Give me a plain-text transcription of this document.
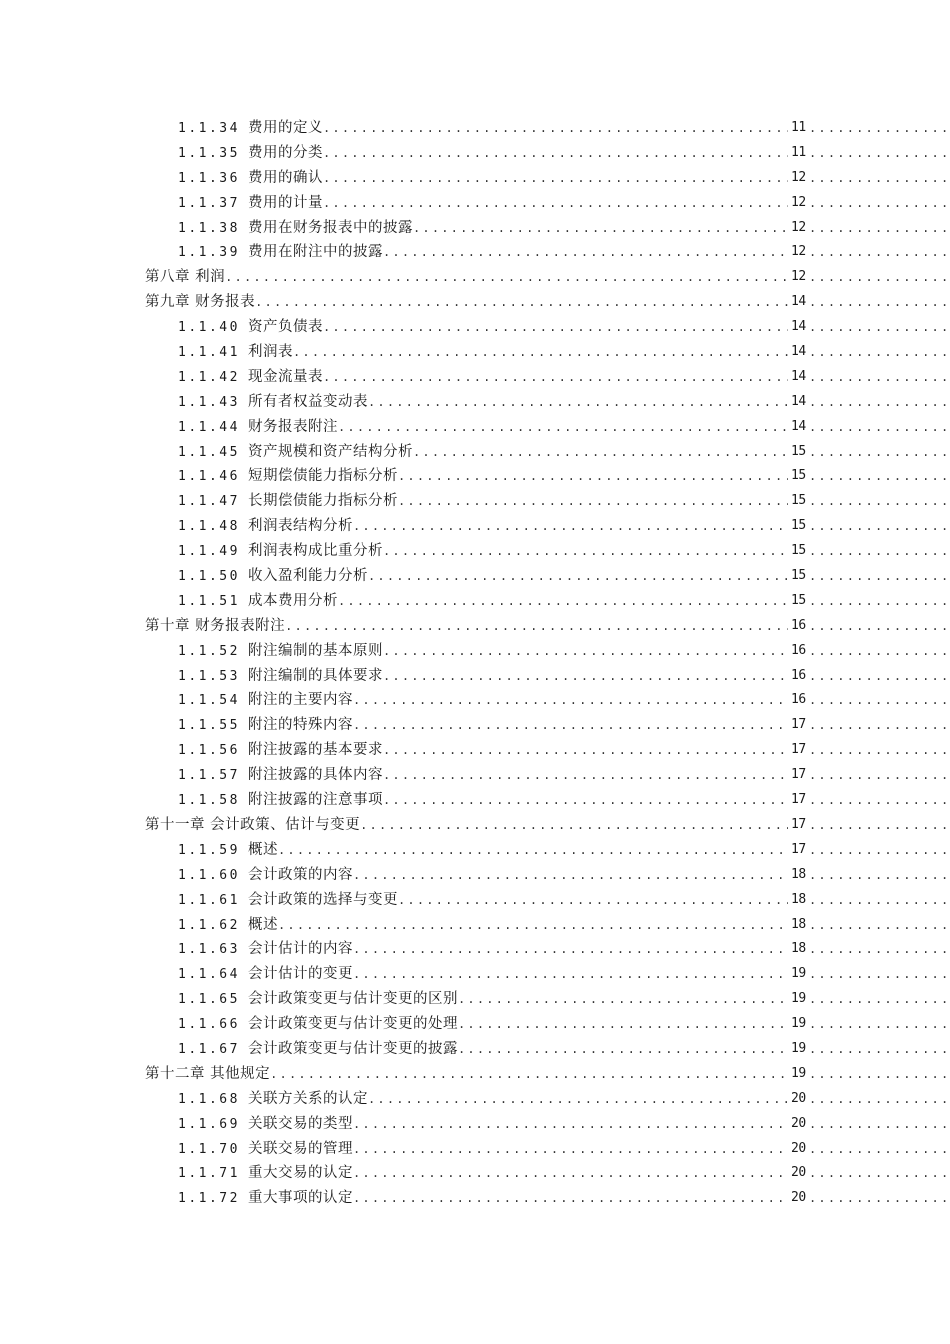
1.1.34 费用的定义 .....	11
.....
1.1.35 费用的分类 .....	11
.....
1.1.36 费用的确认 .....	12
.....
1.1.37 费用的计量 .....	12
.....
1.1.38 费用在财务报表中的披露 .....	12
.....
1.1.39 费用在附注中的披露 .....	12
.....
第八章 利润 .....	12
.....
第九章 财务报表 .....	14
.....
1.1.40 资产负债表 .....	14
.....
1.1.41 利润表 .....	14
.....
1.1.42 现金流量表 .....	14
.....
1.1.43 所有者权益变动表 .....	14
.....
1.1.44 财务报表附注 .....	14
.....
1.1.45 资产规模和资产结构分析 .....	15
.....
1.1.46 短期偿债能力指标分析 .....	15
.....
1.1.47 长期偿债能力指标分析 .....	15
.....
1.1.48 利润表结构分析 .....	15
.....
1.1.49 利润表构成比重分析 .....	15
.....
1.1.50 收入盈利能力分析 .....	15
.....
1.1.51 成本费用分析 .....	15
.....
第十章 财务报表附注 .....	16
.....
1.1.52 附注编制的基本原则 .....	16
.....
1.1.53 附注编制的具体要求 .....	16
.....
1.1.54 附注的主要内容 .....	16
.....
1.1.55 附注的特殊内容 .....	17
.....
1.1.56 附注披露的基本要求 .....	17
.....
1.1.57 附注披露的具体内容 .....	17
.....
1.1.58 附注披露的注意事项 .....	17
.....
第十一章 会计政策、估计与变更 .....	17
.....
1.1.59 概述 .....	17
.....
1.1.60 会计政策的内容 .....	18
.....
1.1.61 会计政策的选择与变更 .....	18
.....
1.1.62 概述 .....	18
.....
1.1.63 会计估计的内容 .....	18
.....
1.1.64 会计估计的变更 .....	19
.....
1.1.65 会计政策变更与估计变更的区别 .....	19
.....
1.1.66 会计政策变更与估计变更的处理 .....	19
.....
1.1.67 会计政策变更与估计变更的披露 .....	19
.....
第十二章 其他规定 .....	19
.....
1.1.68 关联方关系的认定 .....	20
.....
1.1.69 关联交易的类型 .....	20
.....
1.1.70 关联交易的管理 .....	20
.....
1.1.71 重大交易的认定 .....	20
.....
1.1.72 重大事项的认定 .....	20
.....
